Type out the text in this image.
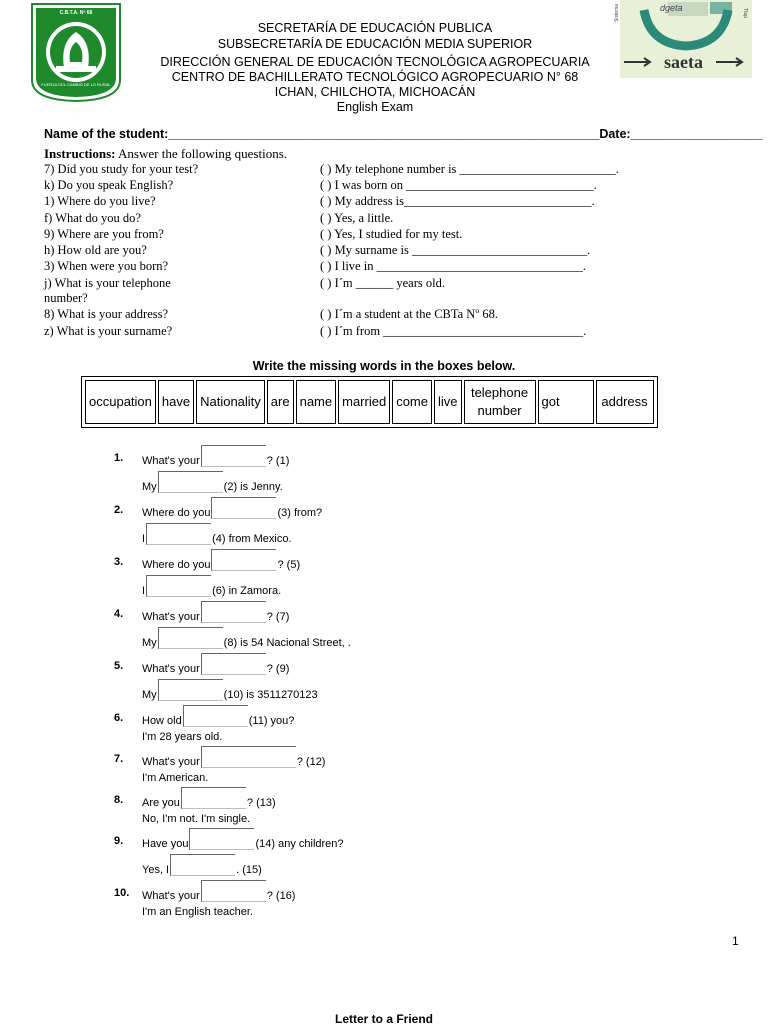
C.B.T.A. Nº 68
FUERZA DEL CAMBIO DE LO RURAL
dgeta
saeta
Sistema	Tlap
SECRETARÍA DE EDUCACIÓN PUBLICA
SUBSECRETARÍA DE EDUCACIÓN MEDIA SUPERIOR
DIRECCIÓN GENERAL DE EDUCACIÓN TECNOLÓGICA AGROPECUARIA
CENTRO DE BACHILLERATO TECNOLÓGICO AGROPECUARIO N° 68
ICHAN, CHILCHOTA, MICHOACÁN
English Exam
Name of the student:______________________________________________________________Date:___________________
Instructions: Answer the following questions.
7) Did you study for your test?	( ) My telephone number is _________________________.
k) Do you speak English?	( ) I was born on ______________________________.
1) Where do you live?	( ) My address is______________________________.
f) What do you do?	( ) Yes, a little.
9) Where are you from?	( ) Yes, I studied for my test.
h) How old are you?	( ) My surname is ____________________________.
3) When were you born?	( ) I live in _________________________________.
j) What is your telephone	( ) I´m ______ years old.
number?
8) What is your address?	( ) I´m a student at the CBTa Nº 68.
z) What is your surname?	( ) I´m from ________________________________.
Write the missing words in the boxes below.
occupation	have	Nationality	are	name	married	come	live	telephone number	got	address
1. What's your	? (1)
My	(2) is Jenny.
2. Where do you	(3) from?
I	(4) from Mexico.
3. Where do you	? (5)
I	(6) in Zamora.
4. What's your	? (7)
My	(8) is 54 Nacional Street, .
5. What's your	? (9)
My	(10) is 3511270123
6. How old	(11) you?
I'm 28 years old.
7. What's your	? (12)
I'm American.
8. Are you	? (13)
No, I'm not. I'm single.
9. Have you	(14) any children?
Yes, I	. (15)
10. What's your	? (16)
I'm an English teacher.
1
Letter to a Friend
